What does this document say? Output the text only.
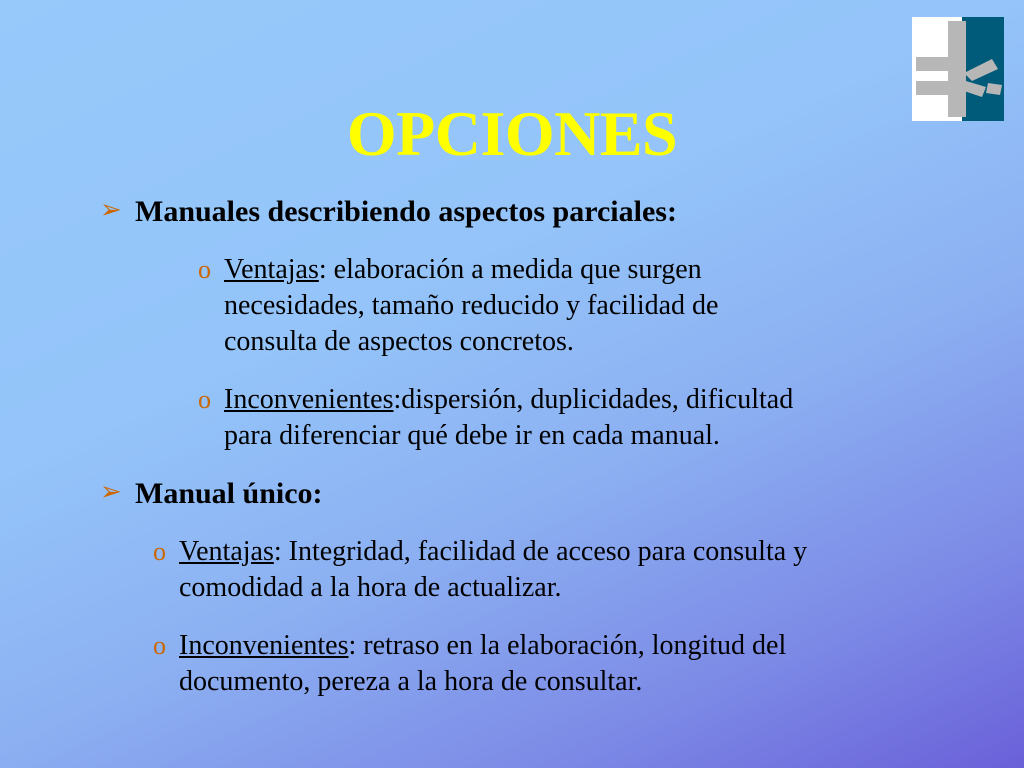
OPCIONES
➢ Manuales describiendo aspectos parciales:
o Ventajas: elaboración a medida que surgen
necesidades, tamaño reducido y facilidad de
consulta de aspectos concretos.
o Inconvenientes:dispersión, duplicidades, dificultad
para diferenciar qué debe ir en cada manual.
➢ Manual único:
o Ventajas: Integridad, facilidad de acceso para consulta y
comodidad a la hora de actualizar.
o Inconvenientes: retraso en la elaboración, longitud del
documento, pereza a la hora de consultar.
